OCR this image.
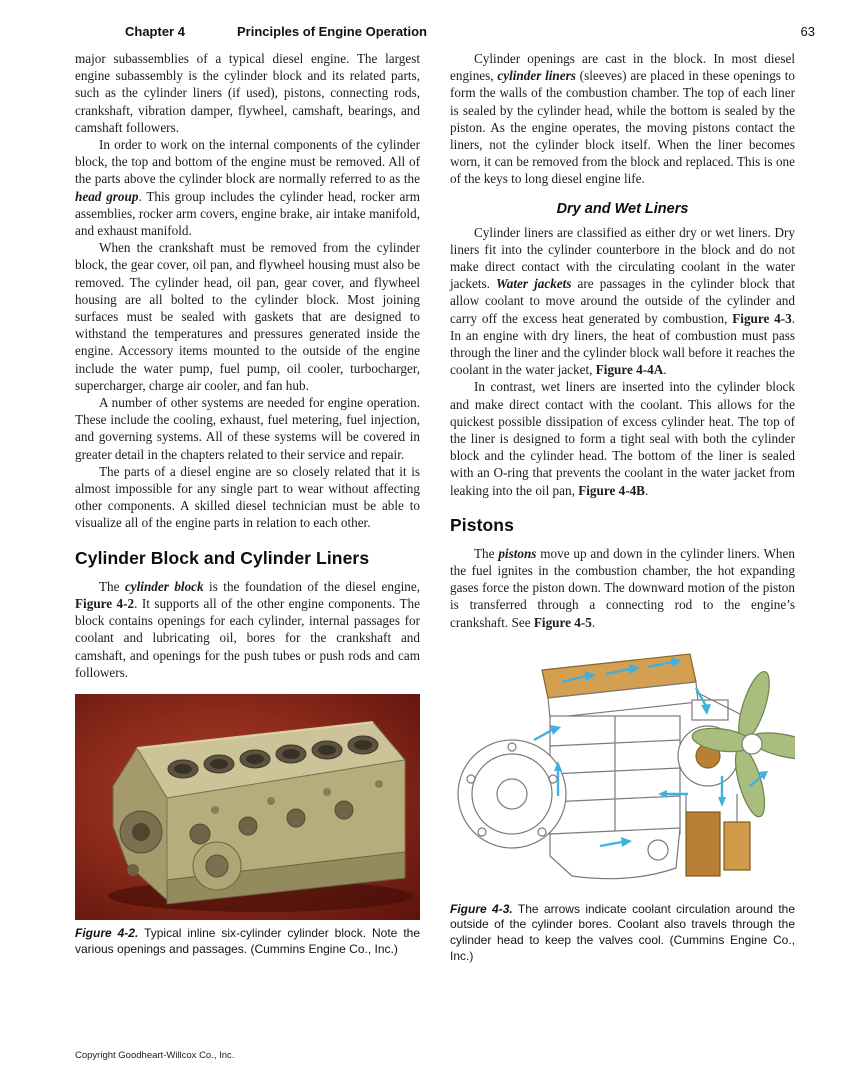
Chapter 4	Principles of Engine Operation	63

major subassemblies of a typical diesel engine. The largest engine subassembly is the cylinder block and its related parts, such as the cylinder liners (if used), pistons, connecting rods, crankshaft, vibration damper, flywheel, camshaft, bearings, and camshaft followers.

In order to work on the internal components of the cylinder block, the top and bottom of the engine must be removed. All of the parts above the cylinder block are normally referred to as the head group. This group includes the cylinder head, rocker arm assemblies, rocker arm covers, engine brake, air intake manifold, and exhaust manifold.

When the crankshaft must be removed from the cylinder block, the gear cover, oil pan, and flywheel housing must also be removed. The cylinder head, oil pan, gear cover, and flywheel housing are all bolted to the cylinder block. Most joining surfaces must be sealed with gaskets that are designed to withstand the temperatures and pressures generated inside the engine. Accessory items mounted to the outside of the engine include the water pump, fuel pump, oil cooler, turbocharger, supercharger, charge air cooler, and fan hub.

A number of other systems are needed for engine operation. These include the cooling, exhaust, fuel metering, fuel injection, and governing systems. All of these systems will be covered in greater detail in the chapters related to their service and repair.

The parts of a diesel engine are so closely related that it is almost impossible for any single part to wear without affecting other components. A skilled diesel technician must be able to visualize all of the engine parts in relation to each other.

Cylinder Block and Cylinder Liners

The cylinder block is the foundation of the diesel engine, Figure 4-2. It supports all of the other engine components. The block contains openings for each cylinder, internal passages for coolant and lubricating oil, bores for the crankshaft and camshaft, and openings for the push tubes or push rods and cam followers.

Figure 4-2. Typical inline six-cylinder cylinder block. Note the various openings and passages. (Cummins Engine Co., Inc.)

Cylinder openings are cast in the block. In most diesel engines, cylinder liners (sleeves) are placed in these openings to form the walls of the combustion chamber. The top of each liner is sealed by the cylinder head, while the bottom is sealed by the piston. As the engine operates, the moving pistons contact the liners, not the cylinder block itself. When the liner becomes worn, it can be removed from the block and replaced. This is one of the keys to long diesel engine life.

Dry and Wet Liners

Cylinder liners are classified as either dry or wet liners. Dry liners fit into the cylinder counterbore in the block and do not make direct contact with the circulating coolant in the water jackets. Water jackets are passages in the cylinder block that allow coolant to move around the outside of the cylinder and carry off the excess heat generated by combustion, Figure 4-3. In an engine with dry liners, the heat of combustion must pass through the liner and the cylinder block wall before it reaches the coolant in the water jacket, Figure 4-4A.

In contrast, wet liners are inserted into the cylinder block and make direct contact with the coolant. This allows for the quickest possible dissipation of excess cylinder heat. The top of the liner is designed to form a tight seal with both the cylinder block and the cylinder head. The bottom of the liner is sealed with an O-ring that prevents the coolant in the water jacket from leaking into the oil pan, Figure 4-4B.

Pistons

The pistons move up and down in the cylinder liners. When the fuel ignites in the combustion chamber, the hot expanding gases force the piston down. The downward motion of the piston is transferred through a connecting rod to the engine’s crankshaft. See Figure 4-5.

Figure 4-3. The arrows indicate coolant circulation around the outside of the cylinder bores. Coolant also travels through the cylinder head to keep the valves cool. (Cummins Engine Co., Inc.)
Copyright Goodheart-Willcox Co., Inc.
